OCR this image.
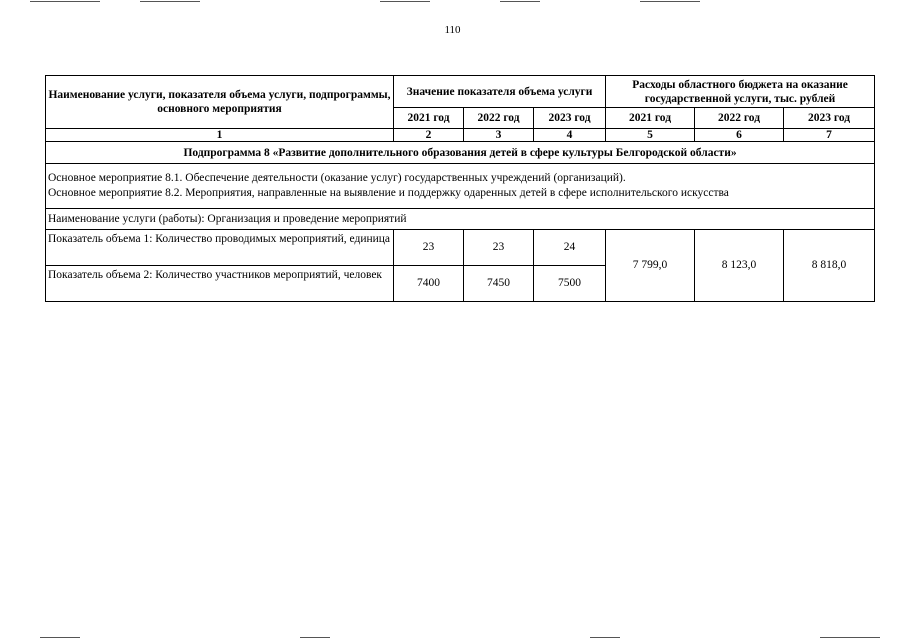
110
Наименование услуги, показателя объема услуги, подпрограммы, основного мероприятия	Значение показателя объема услуги			Расходы областного бюджета на оказание государственной услуги, тыс. рублей		
	2021 год	2022 год	2023 год	2021 год	2022 год	2023 год
1	2	3	4	5	6	7
Подпрограмма 8 «Развитие дополнительного образования детей в сфере культуры Белгородской области»						

Основное мероприятие 8.1. Обеспечение деятельности (оказание услуг) государственных учреждений (организаций).
Основное мероприятие 8.2. Мероприятия, направленные на выявление и поддержку одаренных детей в сфере исполнительского искусства						

Наименование услуги (работы): Организация и проведение мероприятий						
Показатель объема 1: Количество проводимых мероприятий, единица	23	23	24	7 799,0	8 123,0	8 818,0
Показатель объема 2: Количество участников мероприятий, человек	7400	7450	7500			
